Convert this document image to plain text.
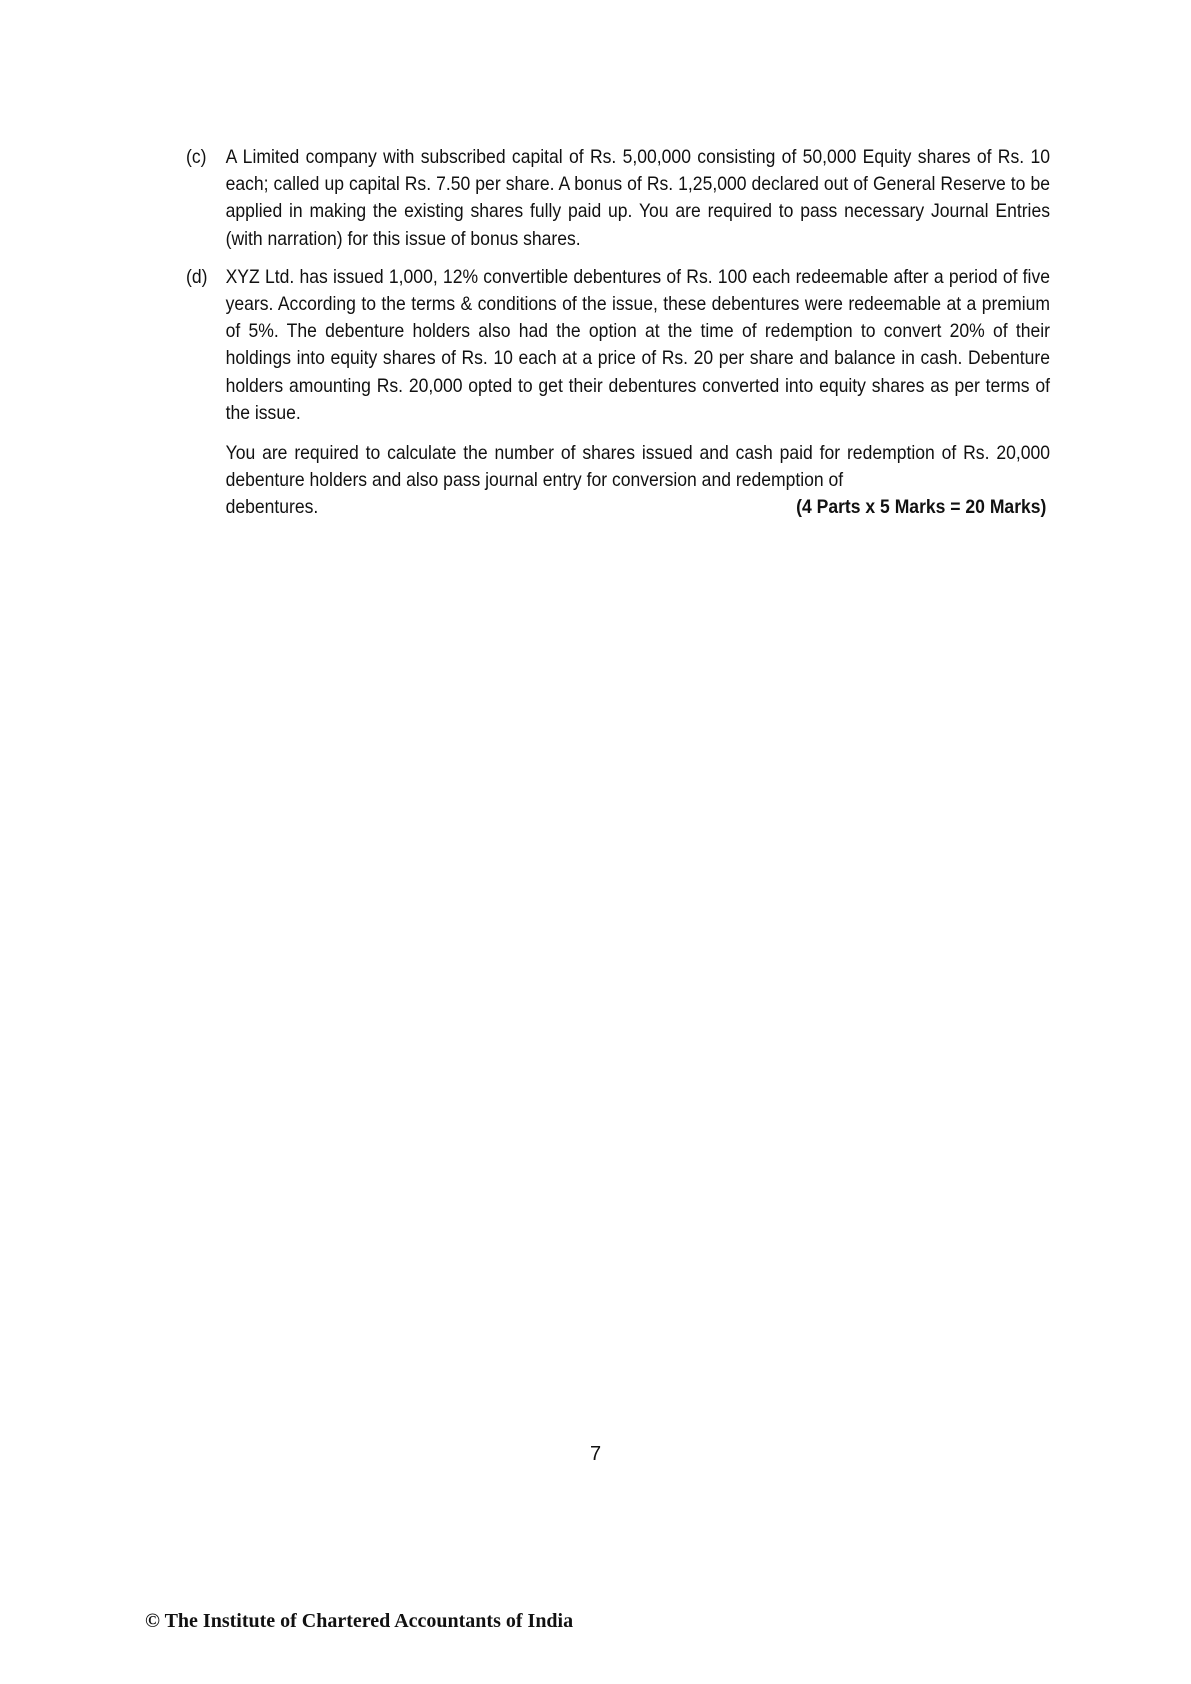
(c) A Limited company with subscribed capital of Rs. 5,00,000 consisting of 50,000 Equity shares of Rs. 10 each; called up capital Rs. 7.50 per share. A bonus of Rs. 1,25,000 declared out of General Reserve to be applied in making the existing shares fully paid up. You are required to pass necessary Journal Entries (with narration) for this issue of bonus shares.

(d) XYZ Ltd. has issued 1,000, 12% convertible debentures of Rs. 100 each redeemable after a period of five years. According to the terms & conditions of the issue, these debentures were redeemable at a premium of 5%. The debenture holders also had the option at the time of redemption to convert 20% of their holdings into equity shares of Rs. 10 each at a price of Rs. 20 per share and balance in cash. Debenture holders amounting Rs. 20,000 opted to get their debentures converted into equity shares as per terms of the issue.

You are required to calculate the number of shares issued and cash paid for redemption of Rs. 20,000 debenture holders and also pass journal entry for conversion and redemption of

debentures.	(4 Parts x 5 Marks = 20 Marks)
7
© The Institute of Chartered Accountants of India
